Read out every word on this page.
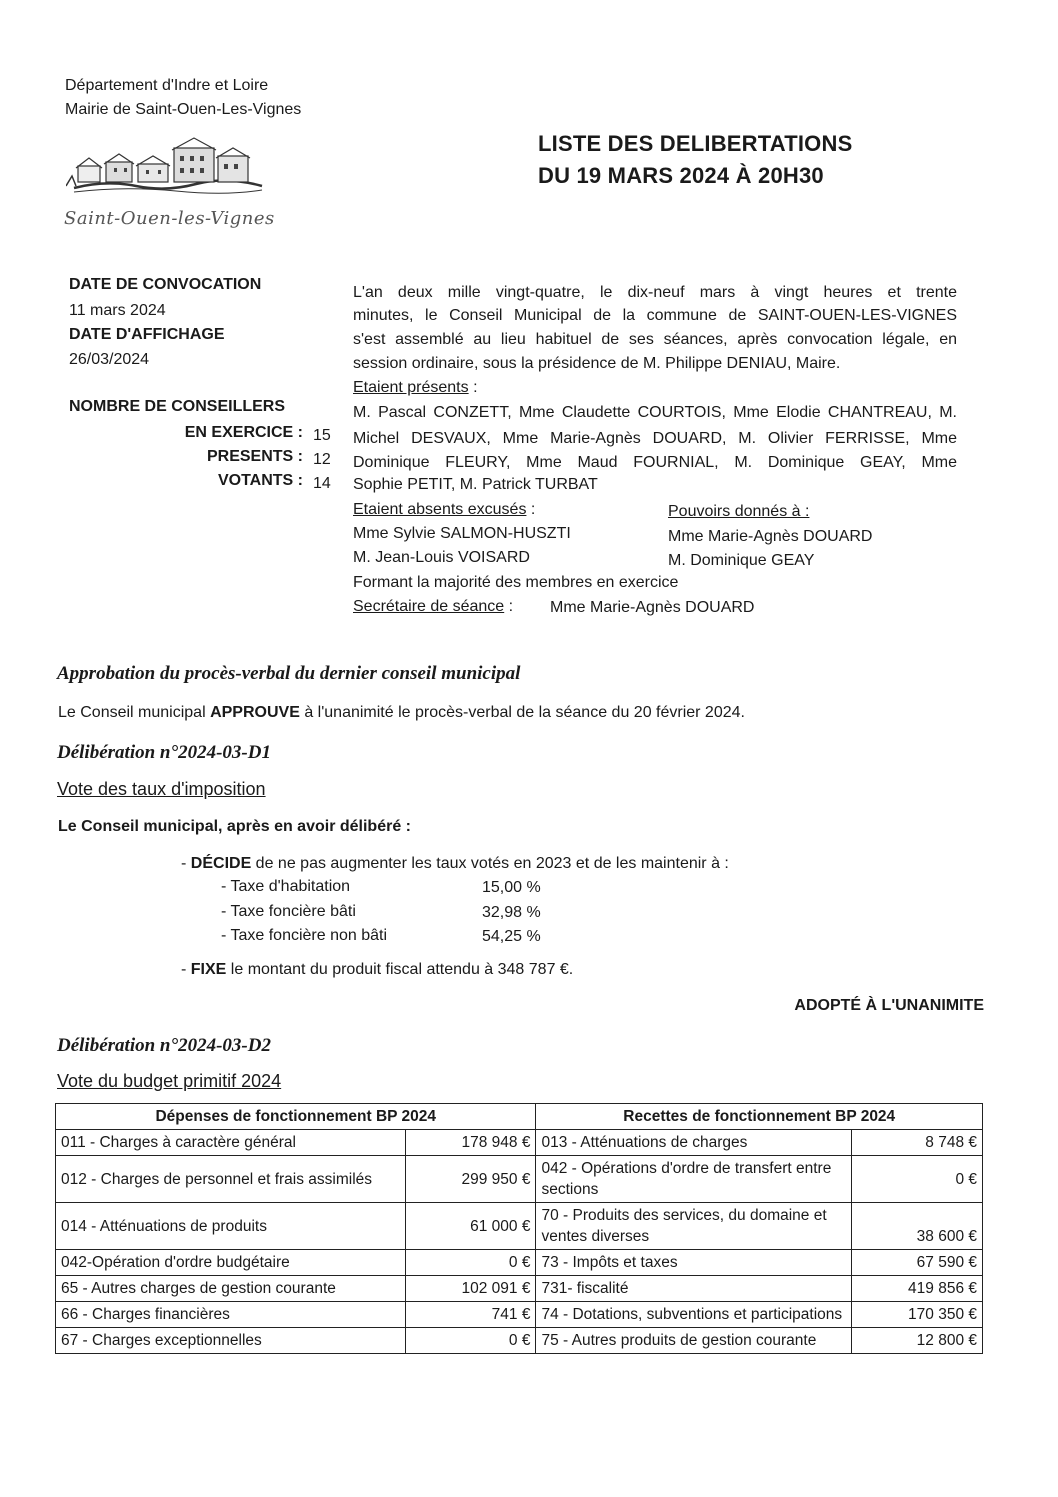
Département d'Indre et Loire
Mairie de Saint-Ouen-Les-Vignes
Saint-Ouen-les-Vignes
LISTE DES DELIBERTATIONS
DU 19 MARS 2024 À 20H30
DATE DE CONVOCATION
11 mars 2024
DATE D'AFFICHAGE
26/03/2024
NOMBRE DE CONSEILLERS
EN EXERCICE : 15
PRESENTS : 12
VOTANTS : 14
L'an deux mille vingt-quatre, le dix-neuf mars à vingt heures et trente
minutes, le Conseil Municipal de la commune de SAINT-OUEN-LES-VIGNES
s'est assemblé au lieu habituel de ses séances, après convocation légale, en
session ordinaire, sous la présidence de M. Philippe DENIAU, Maire.
Etaient présents :
M. Pascal CONZETT, Mme Claudette COURTOIS, Mme Elodie CHANTREAU, M.
Michel DESVAUX, Mme Marie-Agnès DOUARD, M. Olivier FERRISSE, Mme
Dominique FLEURY, Mme Maud FOURNIAL, M. Dominique GEAY, Mme
Sophie PETIT, M. Patrick TURBAT
Etaient absents excusés :	Pouvoirs donnés à :
Mme Sylvie SALMON-HUSZTI	Mme Marie-Agnès DOUARD
M. Jean-Louis VOISARD	M. Dominique GEAY
Formant la majorité des membres en exercice
Secrétaire de séance : Mme Marie-Agnès DOUARD
Approbation du procès-verbal du dernier conseil municipal
Le Conseil municipal APPROUVE à l'unanimité le procès-verbal de la séance du 20 février 2024.
Délibération n°2024-03-D1
Vote des taux d'imposition
Le Conseil municipal, après en avoir délibéré :
- DÉCIDE de ne pas augmenter les taux votés en 2023 et de les maintenir à :
- Taxe d'habitation	15,00 %
- Taxe foncière bâti	32,98 %
- Taxe foncière non bâti	54,25 %
- FIXE le montant du produit fiscal attendu à 348 787 €.
ADOPTÉ À L'UNANIMITE
Délibération n°2024-03-D2
Vote du budget primitif 2024
Dépenses de fonctionnement BP 2024		Recettes de fonctionnement BP 2024	
011 - Charges à caractère général	178 948 €	013 - Atténuations de charges	8 748 €
012 - Charges de personnel et frais assimilés	299 950 €	042 - Opérations d'ordre de transfert entre sections	0 €
014 - Atténuations de produits	61 000 €	70 - Produits des services, du domaine et ventes diverses	38 600 €
042-Opération d'ordre budgétaire	0 €	73 - Impôts et taxes	67 590 €
65 - Autres charges de gestion courante	102 091 €	731- fiscalité	419 856 €
66 - Charges financières	741 €	74 - Dotations, subventions et participations	170 350 €
67 - Charges exceptionnelles	0 €	75 - Autres produits de gestion courante	12 800 €
